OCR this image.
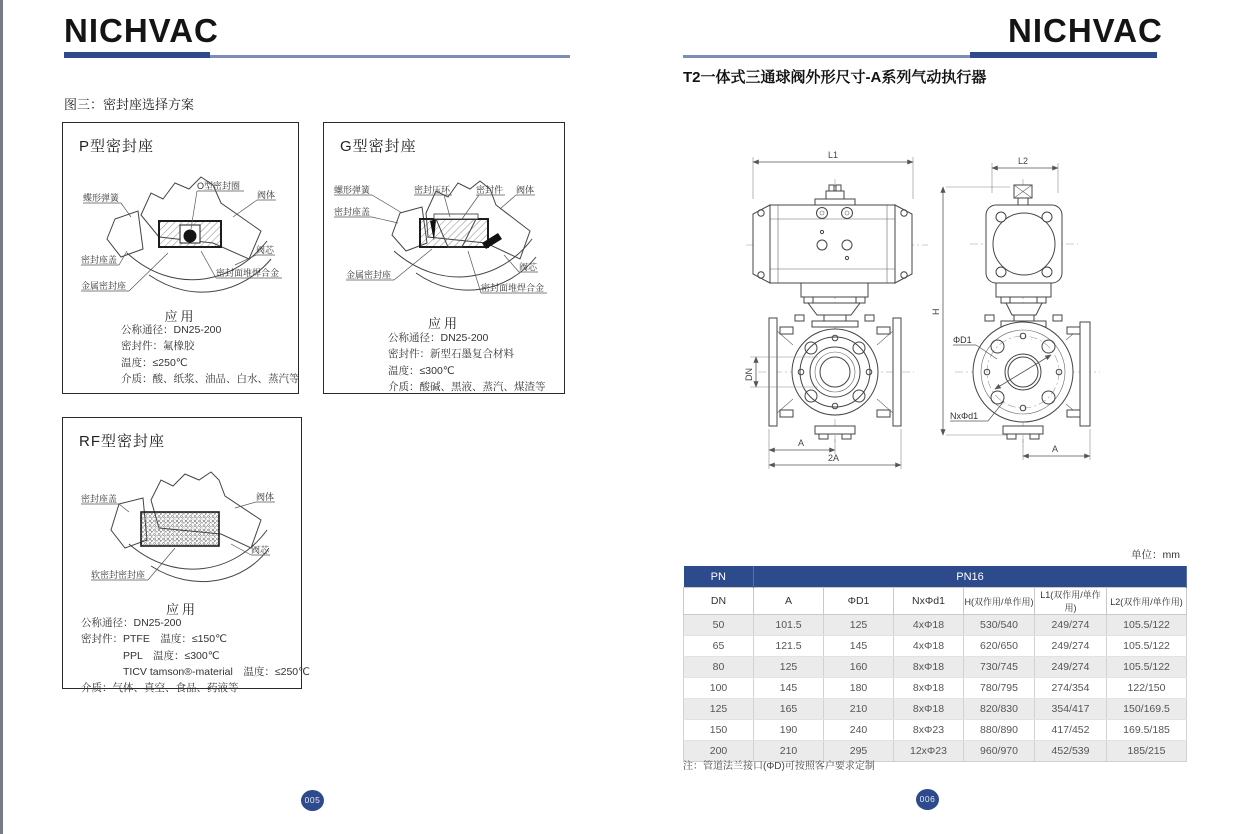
NICHVAC
图三：密封座选择方案
P型密封座
蝶形弹簧
O型密封圈
阀体
阀芯
密封座盖
金属密封座
密封面堆焊合金
应用
公称通径：DN25-200
密封件：氟橡胶
温度：≤250℃
介质：酸、纸浆、油品、白水、蒸汽等
G型密封座
螺形弹簧	密封压环	密封件 阀体
密封座盖
金属密封座
阀芯
密封面堆焊合金
应用
公称通径：DN25-200
密封件：新型石墨复合材料
温度：≤300℃
介质：酸碱、黑液、蒸汽、煤渣等
RF型密封座
密封座盖	阀体
软密封密封座
阀芯
应用
公称通径：DN25-200
密封件：PTFE　温度：≤150℃
PPL　温度：≤300℃
TICV tamson®-material　温度：≤250℃
介质：气体、真空、食品、药液等
005
NICHVAC
T2一体式三通球阀外形尺寸-A系列气动执行器
L1
DN
A
2A
H
L2
ΦD1
NxΦd1
A
单位：mm
PN	PN16					
DN	A	ΦD1	NxΦd1	H(双作用/单作用)	L1(双作用/单作用)	L2(双作用/单作用)
50	101.5	125	4xΦ18	530/540	249/274	105.5/122
65	121.5	145	4xΦ18	620/650	249/274	105.5/122
80	125	160	8xΦ18	730/745	249/274	105.5/122
100	145	180	8xΦ18	780/795	274/354	122/150
125	165	210	8xΦ18	820/830	354/417	150/169.5
150	190	240	8xΦ23	880/890	417/452	169.5/185
200	210	295	12xΦ23	960/970	452/539	185/215
注：管道法兰接口(ΦD)可按照客户要求定制
006
